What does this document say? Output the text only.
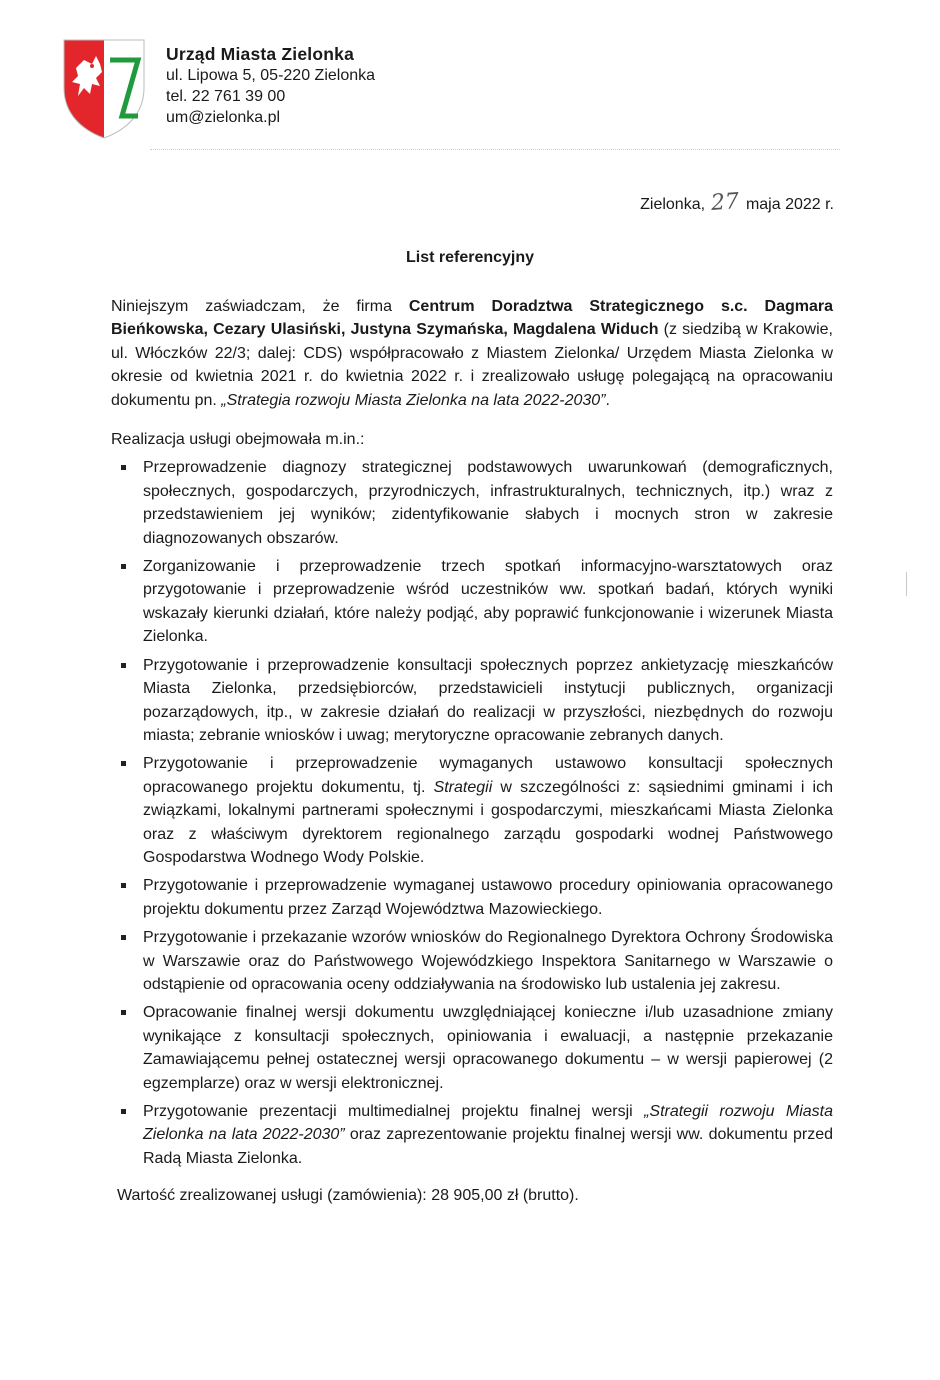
Urząd Miasta Zielonka
ul. Lipowa 5, 05-220 Zielonka
tel. 22 761 39 00
um@zielonka.pl
Zielonka, 27 maja 2022 r.
List referencyjny

Niniejszym zaświadczam, że firma Centrum Doradztwa Strategicznego s.c. Dagmara Bieńkowska, Cezary Ulasiński, Justyna Szymańska, Magdalena Widuch (z siedzibą w Krakowie, ul. Włóczków 22/3; dalej: CDS) współpracowało z Miastem Zielonka/ Urzędem Miasta Zielonka w okresie od kwietnia 2021 r. do kwietnia 2022 r. i zrealizowało usługę polegającą na opracowaniu dokumentu pn. „Strategia rozwoju Miasta Zielonka na lata 2022-2030”.

Realizacja usługi obejmowała m.in.:

Przeprowadzenie diagnozy strategicznej podstawowych uwarunkowań (demograficznych, społecznych, gospodarczych, przyrodniczych, infrastrukturalnych, technicznych, itp.) wraz z przedstawieniem jej wyników; zidentyfikowanie słabych i mocnych stron w zakresie diagnozowanych obszarów.
Zorganizowanie i przeprowadzenie trzech spotkań informacyjno-warsztatowych oraz przygotowanie i przeprowadzenie wśród uczestników ww. spotkań badań, których wyniki wskazały kierunki działań, które należy podjąć, aby poprawić funkcjonowanie i wizerunek Miasta Zielonka.
Przygotowanie i przeprowadzenie konsultacji społecznych poprzez ankietyzację mieszkańców Miasta Zielonka, przedsiębiorców, przedstawicieli instytucji publicznych, organizacji pozarządowych, itp., w zakresie działań do realizacji w przyszłości, niezbędnych do rozwoju miasta; zebranie wniosków i uwag; merytoryczne opracowanie zebranych danych.
Przygotowanie i przeprowadzenie wymaganych ustawowo konsultacji społecznych opracowanego projektu dokumentu, tj. Strategii w szczególności z: sąsiednimi gminami i ich związkami, lokalnymi partnerami społecznymi i gospodarczymi, mieszkańcami Miasta Zielonka oraz z właściwym dyrektorem regionalnego zarządu gospodarki wodnej Państwowego Gospodarstwa Wodnego Wody Polskie.
Przygotowanie i przeprowadzenie wymaganej ustawowo procedury opiniowania opracowanego projektu dokumentu przez Zarząd Województwa Mazowieckiego.
Przygotowanie i przekazanie wzorów wniosków do Regionalnego Dyrektora Ochrony Środowiska w Warszawie oraz do Państwowego Wojewódzkiego Inspektora Sanitarnego w Warszawie o odstąpienie od opracowania oceny oddziaływania na środowisko lub ustalenia jej zakresu.
Opracowanie finalnej wersji dokumentu uwzględniającej konieczne i/lub uzasadnione zmiany wynikające z konsultacji społecznych, opiniowania i ewaluacji, a następnie przekazanie Zamawiającemu pełnej ostatecznej wersji opracowanego dokumentu – w wersji papierowej (2 egzemplarze) oraz w wersji elektronicznej.
Przygotowanie prezentacji multimedialnej projektu finalnej wersji „Strategii rozwoju Miasta Zielonka na lata 2022-2030” oraz zaprezentowanie projektu finalnej wersji ww. dokumentu przed Radą Miasta Zielonka.
Wartość zrealizowanej usługi (zamówienia): 28 905,00 zł (brutto).
